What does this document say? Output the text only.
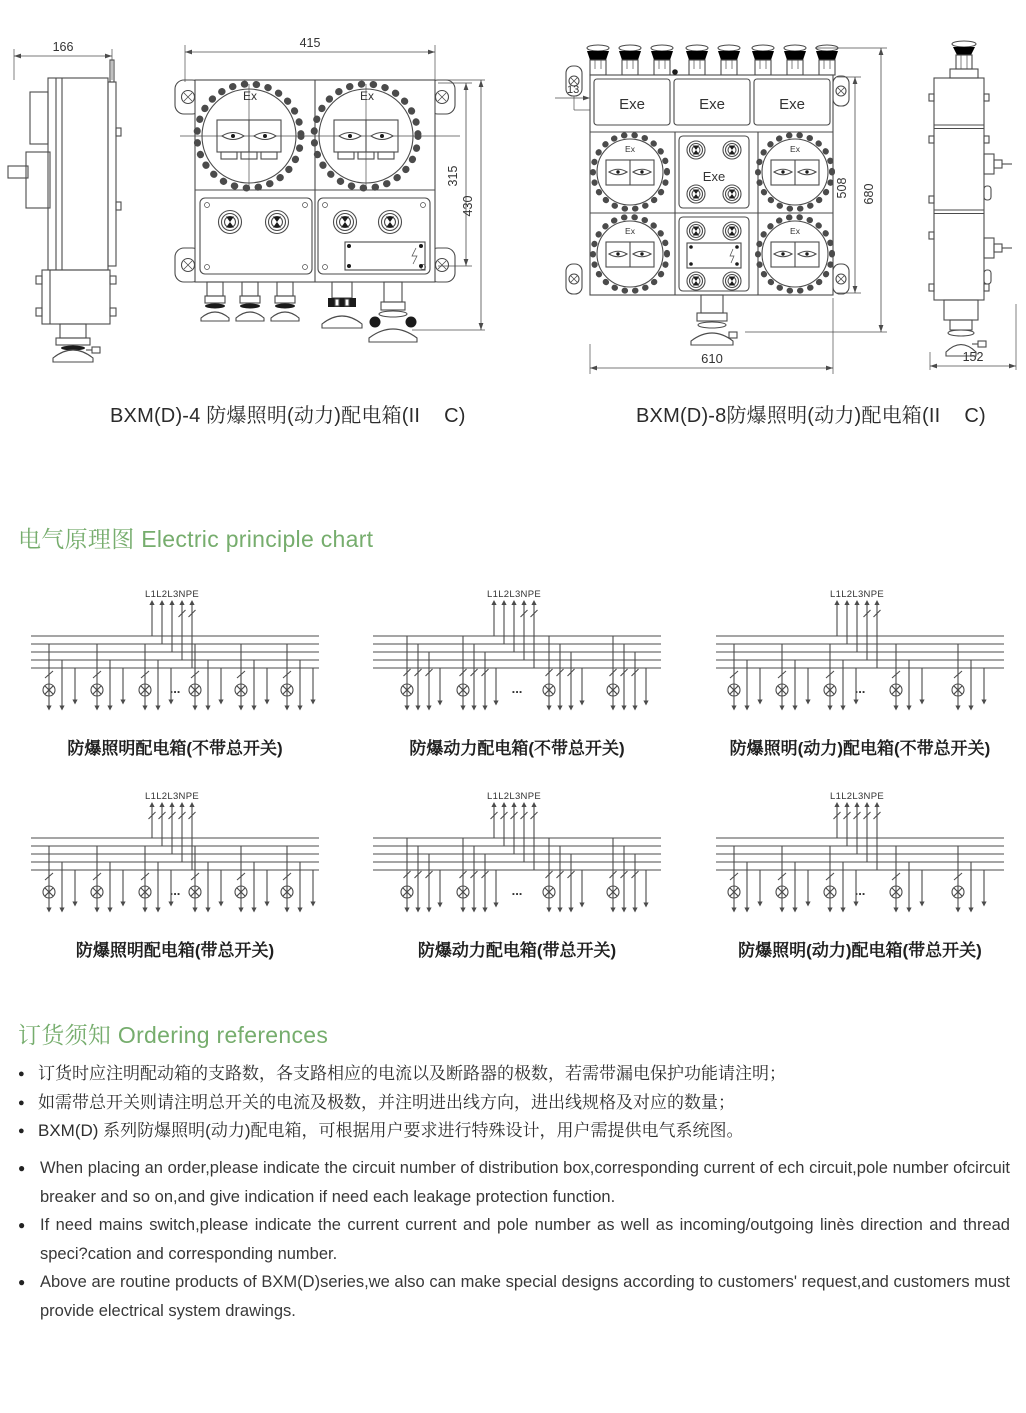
166	415
Ex	Ex
315
430
13
Exe	Exe	Exe
Ex	Ex
Ex	Ex
Exe
508 680
610	152
BXM(D)-4 防爆照明(动力)配电箱(II C)	BXM(D)-8防爆照明(动力)配电箱(II C)
电气原理图 Electric principle chart
L1L2L3NPE
...
防爆照明配电箱(不带总开关)
L1L2L3NPE
...
防爆动力配电箱(不带总开关)
L1L2L3NPE
...
防爆照明(动力)配电箱(不带总开关)
L1L2L3NPE
...
防爆照明配电箱(带总开关)
L1L2L3NPE
...
防爆动力配电箱(带总开关)
L1L2L3NPE
...
防爆照明(动力)配电箱(带总开关)
订货须知 Ordering references
● 订货时应注明配动箱的支路数，各支路相应的电流以及断路器的极数，若需带漏电保护功能请注明；
● 如需带总开关则请注明总开关的电流及极数，并注明进出线方向，进出线规格及对应的数量；
● BXM(D) 系列防爆照明(动力)配电箱，可根据用户要求进行特殊设计，用户需提供电气系统图。
● When placing an order,please indicate the circuit number of distribution box,corresponding current of ech circuit,pole number ofcircuit breaker and so on,and give indication if need each leakage protection function.
● If need mains switch,please indicate the current current and pole number as well as incoming/outgoing linès direction and thread speci?cation and corresponding number.
● Above are routine products of BXM(D)series,we also can make special designs according to customers' request,and customers must provide electrical system drawings.
